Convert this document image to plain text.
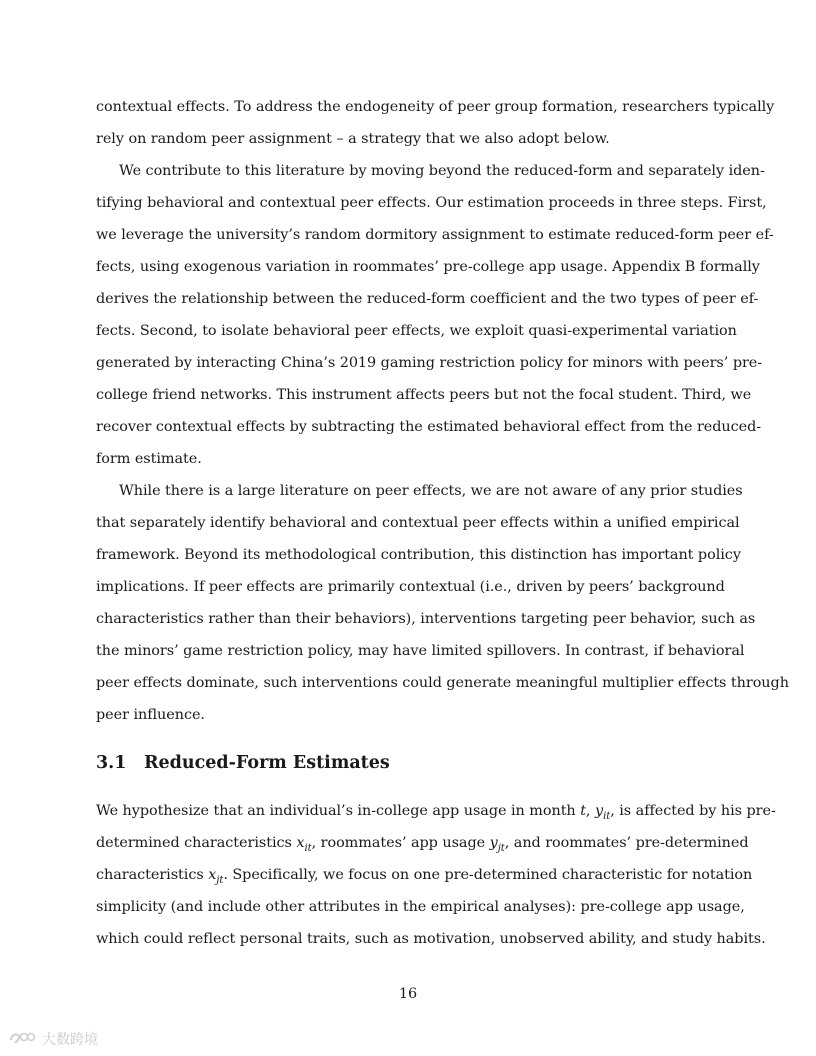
contextual effects. To address the endogeneity of peer group formation, researchers typically
rely on random peer assignment – a strategy that we also adopt below.
We contribute to this literature by moving beyond the reduced-form and separately iden-
tifying behavioral and contextual peer effects. Our estimation proceeds in three steps. First,
we leverage the university’s random dormitory assignment to estimate reduced-form peer ef-
fects, using exogenous variation in roommates’ pre-college app usage. Appendix B formally
derives the relationship between the reduced-form coefficient and the two types of peer ef-
fects. Second, to isolate behavioral peer effects, we exploit quasi-experimental variation
generated by interacting China’s 2019 gaming restriction policy for minors with peers’ pre-
college friend networks. This instrument affects peers but not the focal student. Third, we
recover contextual effects by subtracting the estimated behavioral effect from the reduced-
form estimate.
While there is a large literature on peer effects, we are not aware of any prior studies
that separately identify behavioral and contextual peer effects within a unified empirical
framework. Beyond its methodological contribution, this distinction has important policy
implications. If peer effects are primarily contextual (i.e., driven by peers’ background
characteristics rather than their behaviors), interventions targeting peer behavior, such as
the minors’ game restriction policy, may have limited spillovers. In contrast, if behavioral
peer effects dominate, such interventions could generate meaningful multiplier effects through
peer influence.
3.1 Reduced-Form Estimates
We hypothesize that an individual’s in-college app usage in month t, $y_{it}$, is affected by his pre-
determined characteristics $x_{it}$, roommates’ app usage $y_{jt}$, and roommates’ pre-determined
characteristics $x_{jt}$. Specifically, we focus on one pre-determined characteristic for notation
simplicity (and include other attributes in the empirical analyses): pre-college app usage,
which could reflect personal traits, such as motivation, unobserved ability, and study habits.
16
大数跨境
